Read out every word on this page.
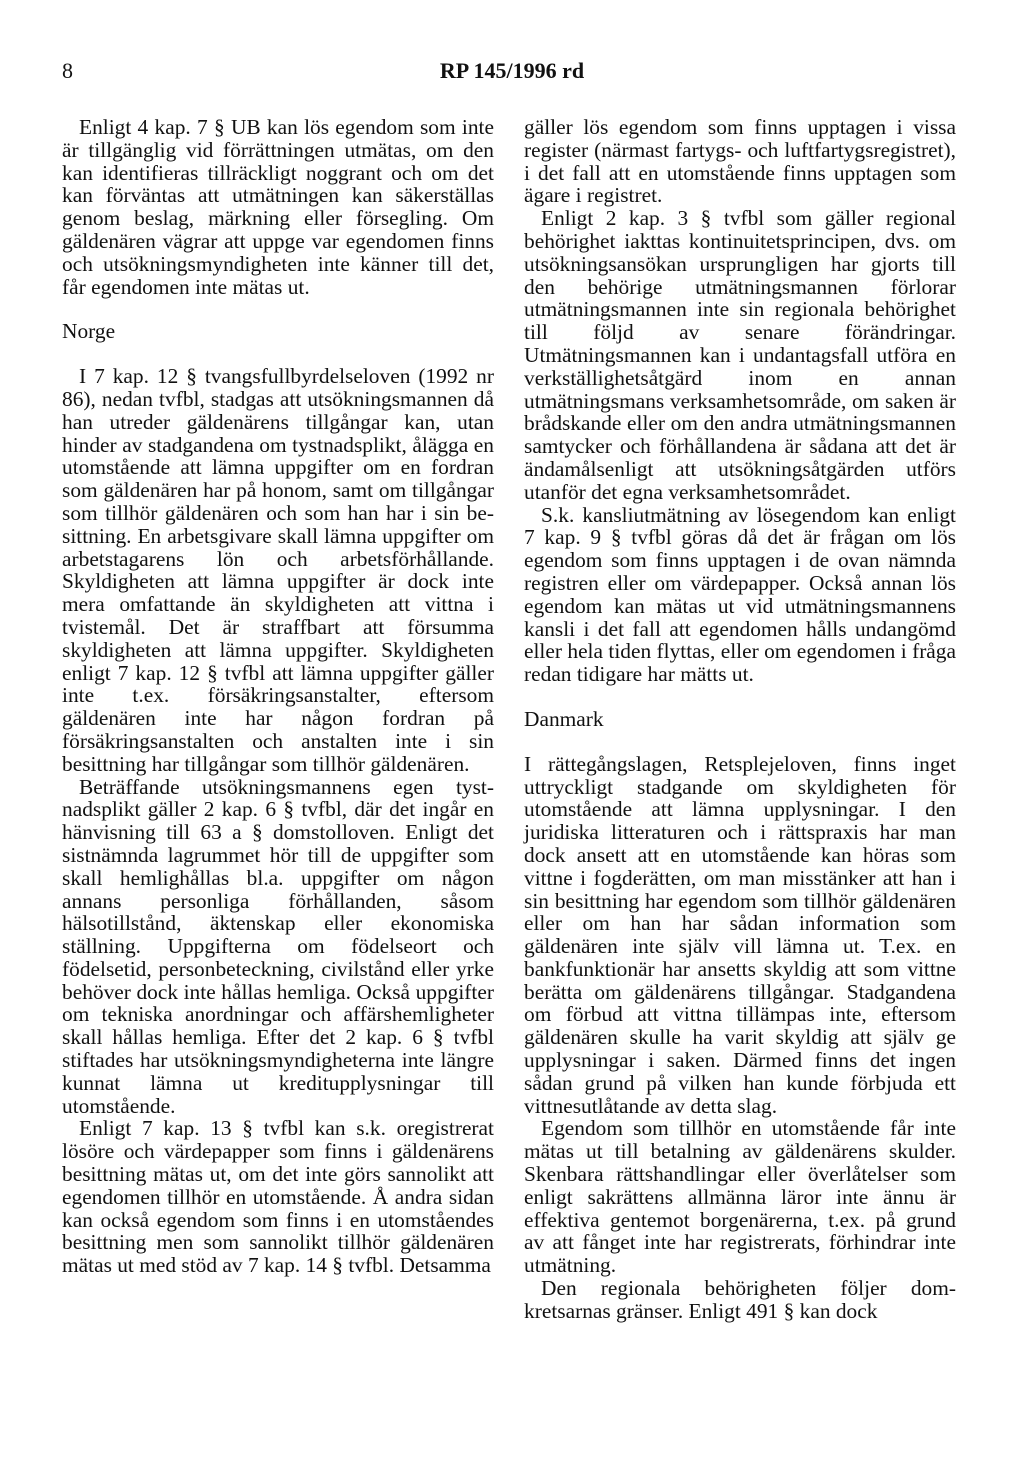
8	RP 145/1996 rd

Enligt 4 kap. 7 § UB kan lös egendom som inte är tillgänglig vid förrättningen utmätas, om den kan identifieras tillräckligt noggrant och om det kan förväntas att utmätningen kan säkerställas genom beslag, märkning eller försegling. Om gäldenären vägrar att uppge var egendomen finns och utsökningsmyndigheten inte känner till det, får egendomen inte mätas ut.

Norge

I 7 kap. 12 § tvangsfullbyrdelseloven (1992 nr 86), nedan tvfbl, stadgas att utsökningsmannen då han utreder gäldenärens tillgångar kan, utan hinder av stadgandena om tystnadsplikt, ålägga en utomstående att lämna uppgifter om en fordran som gäldenären har på honom, samt om tillgångar som tillhör gäldenären och som han har i sin besittning. En arbetsgivare skall lämna uppgifter om arbetstagarens lön och arbetsförhållande. Skyldigheten att lämna uppgifter är dock inte mera omfattande än skyldigheten att vittna i tvistemål. Det är straffbart att försumma skyldigheten att lämna uppgifter. Skyldigheten enligt 7 kap. 12 § tvfbl att lämna uppgifter gäller inte t.ex. försäkringsanstalter, eftersom gäldenären inte har någon fordran på försäkringsanstalten och anstalten inte i sin besittning har tillgångar som tillhör gäldenären.

Beträffande utsökningsmannens egen tystnadsplikt gäller 2 kap. 6 § tvfbl, där det ingår en hänvisning till 63 a § domstolloven. Enligt det sistnämnda lagrummet hör till de uppgifter som skall hemlighållas bl.a. uppgifter om någon annans personliga förhållanden, såsom hälsotillstånd, äktenskap eller ekonomiska ställning. Uppgifterna om födelseort och födelsetid, personbeteckning, civilstånd eller yrke behöver dock inte hållas hemliga. Också uppgifter om tekniska anordningar och affärshemligheter skall hållas hemliga. Efter det 2 kap. 6 § tvfbl stiftades har utsökningsmyndigheterna inte längre kunnat lämna ut kreditupplysningar till utomstående.

Enligt 7 kap. 13 § tvfbl kan s.k. oregistrerat lösöre och värdepapper som finns i gäldenärens besittning mätas ut, om det inte görs sannolikt att egendomen tillhör en utomstående. Å andra sidan kan också egendom som finns i en utomståendes besittning men som sannolikt tillhör gäldenären mätas ut med stöd av 7 kap. 14 § tvfbl. Detsamma

gäller lös egendom som finns upptagen i vissa register (närmast fartygs- och luftfartygsregistret), i det fall att en utomstående finns upptagen som ägare i registret.

Enligt 2 kap. 3 § tvfbl som gäller regional behörighet iakttas kontinuitetsprincipen, dvs. om utsökningsansökan ursprungligen har gjorts till den behörige utmätningsmannen förlorar utmätningsmannen inte sin regionala behörighet till följd av senare förändringar. Utmätningsmannen kan i undantagsfall utföra en verkställighetsåtgärd inom en annan utmätningsmans verksamhetsområde, om saken är brådskande eller om den andra utmätningsmannen samtycker och förhållandena är sådana att det är ändamålsenligt att utsökningsåtgärden utförs utanför det egna verksamhetsområdet.

S.k. kansliutmätning av lösegendom kan enligt 7 kap. 9 § tvfbl göras då det är frågan om lös egendom som finns upptagen i de ovan nämnda registren eller om värdepapper. Också annan lös egendom kan mätas ut vid utmätningsmannens kansli i det fall att egendomen hålls undangömd eller hela tiden flyttas, eller om egendomen i fråga redan tidigare har mätts ut.

Danmark

I rättegångslagen, Retsplejeloven, finns inget uttryckligt stadgande om skyldigheten för utomstående att lämna upplysningar. I den juridiska litteraturen och i rättspraxis har man dock ansett att en utomstående kan höras som vittne i fogderätten, om man misstänker att han i sin besittning har egendom som tillhör gäldenären eller om han har sådan information som gäldenären inte själv vill lämna ut. T.ex. en bankfunktionär har ansetts skyldig att som vittne berätta om gäldenärens tillgångar. Stadgandena om förbud att vittna tillämpas inte, eftersom gäldenären skulle ha varit skyldig att själv ge upplysningar i saken. Därmed finns det ingen sådan grund på vilken han kunde förbjuda ett vittnesutlåtande av detta slag.

Egendom som tillhör en utomstående får inte mätas ut till betalning av gäldenärens skulder. Skenbara rättshandlingar eller överlåtelser som enligt sakrättens allmänna läror inte ännu är effektiva gentemot borgenärerna, t.ex. på grund av att fånget inte har registrerats, förhindrar inte utmätning.

Den regionala behörigheten följer domkretsarnas gränser. Enligt 491 § kan dock
